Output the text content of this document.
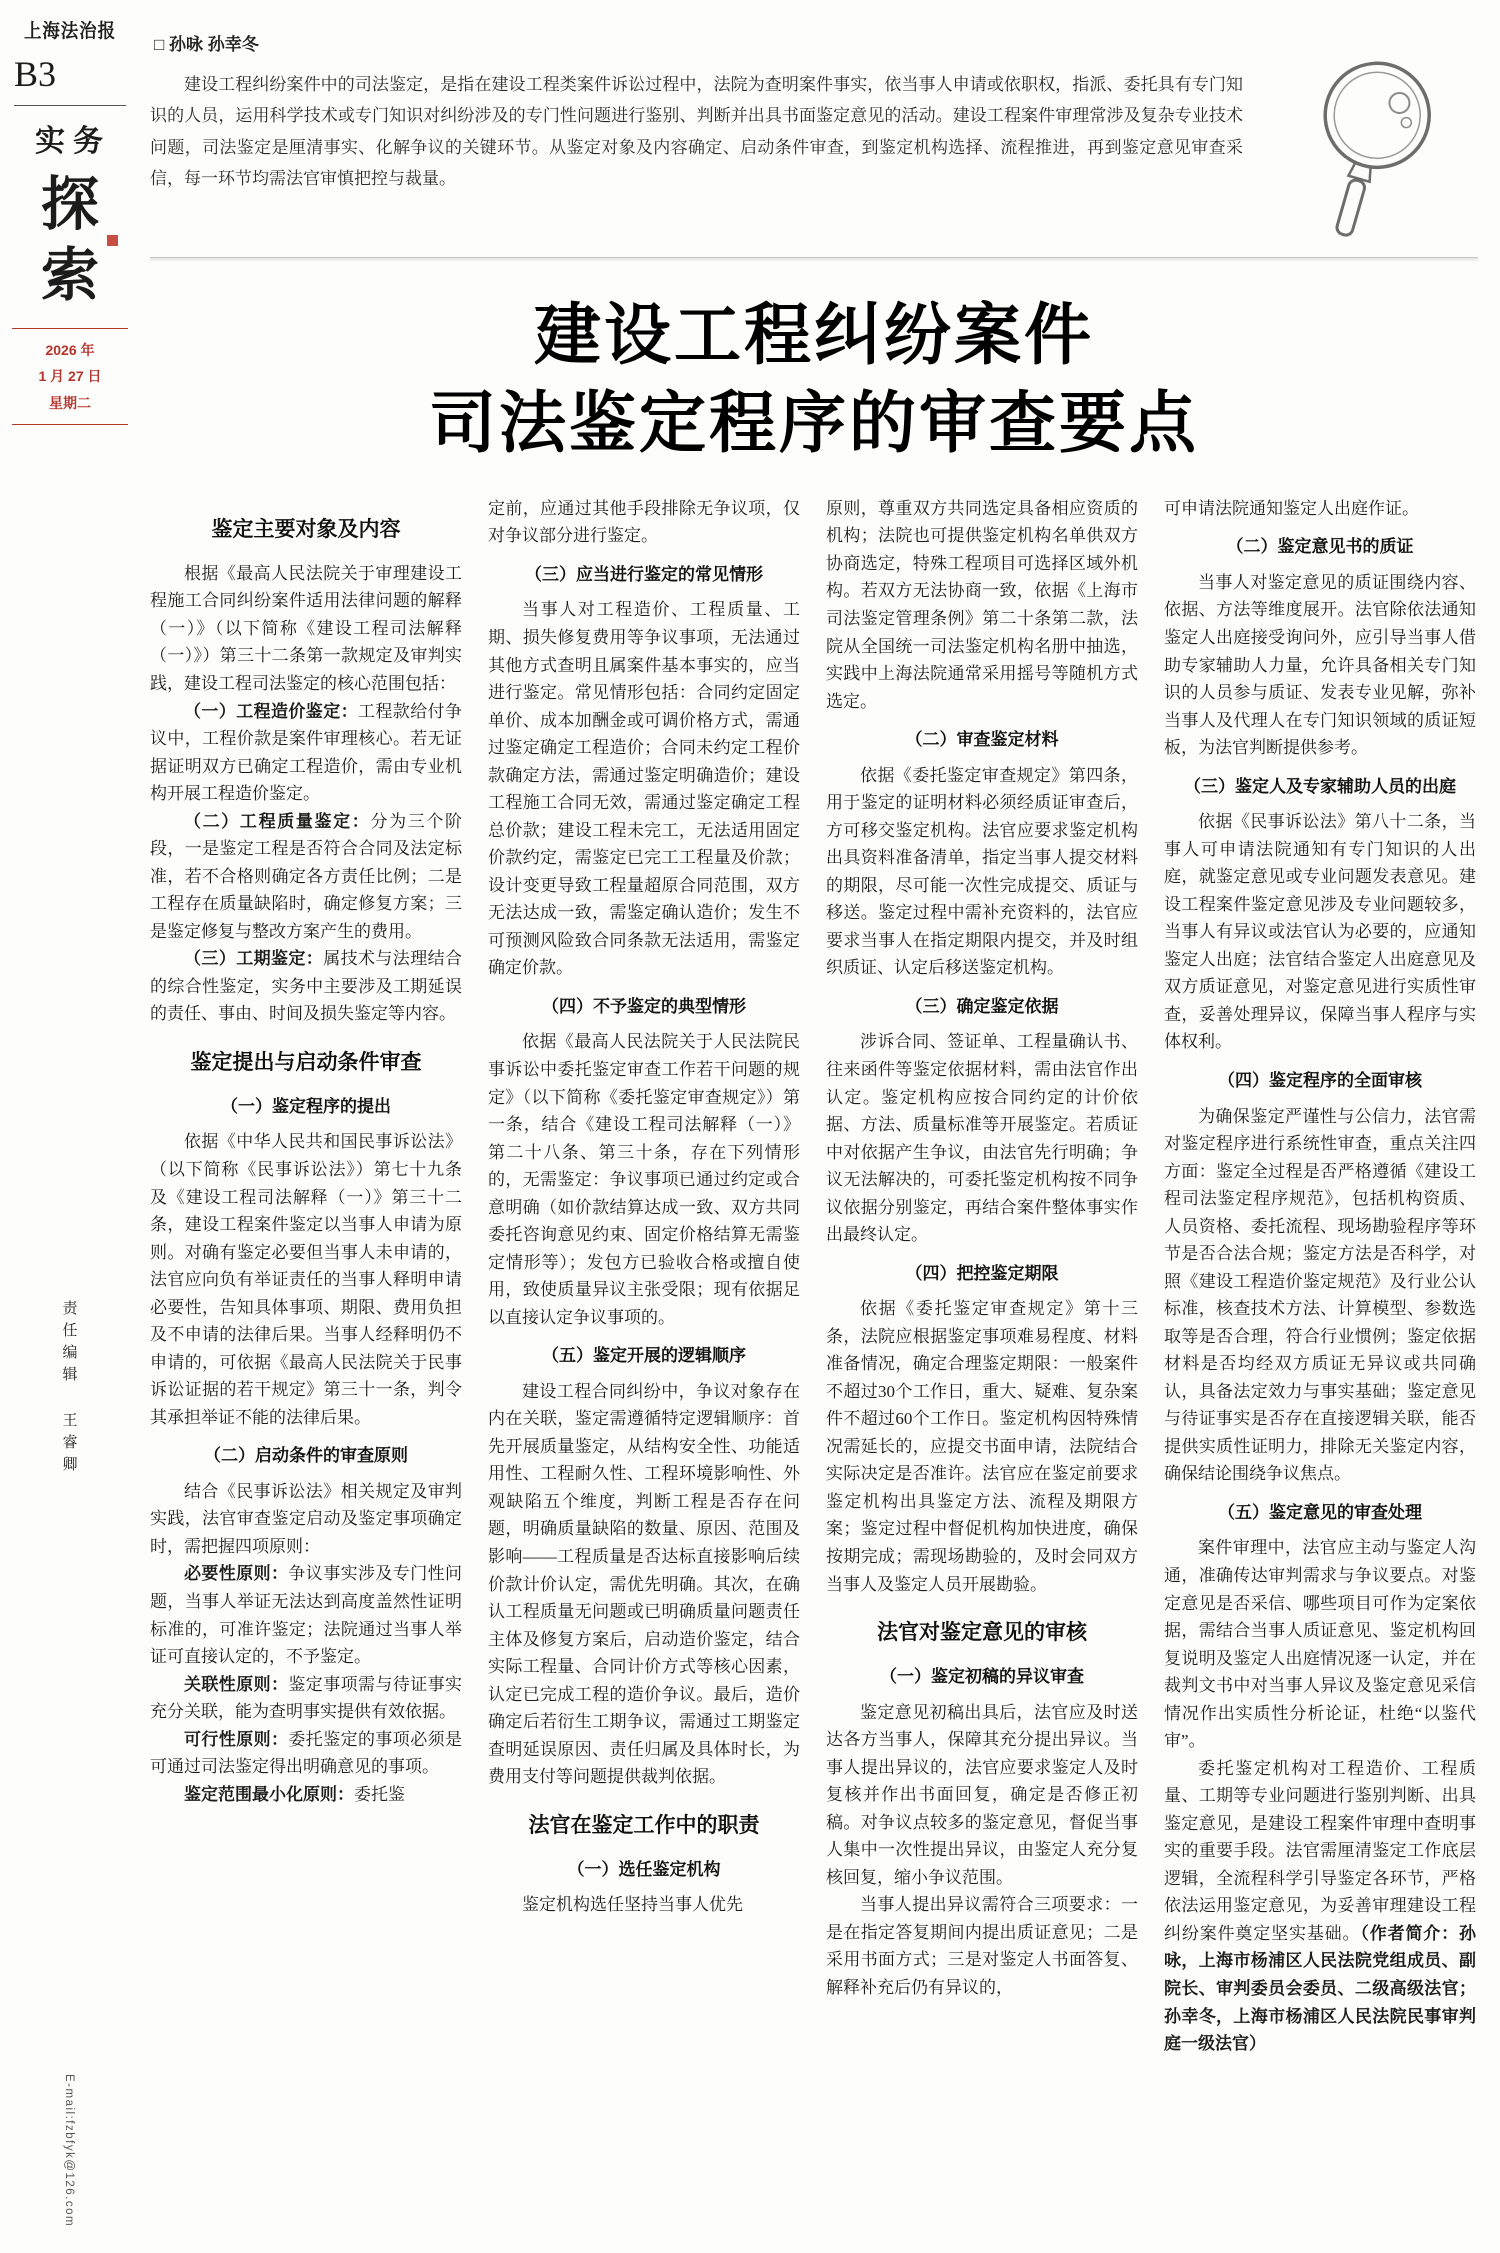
上海法治报
B3
实务
探
索
2026 年
1 月 27 日
星期二
责任编辑 王睿卿
E-mail:fzbfyk@126.com
□ 孙咏 孙幸冬

建设工程纠纷案件中的司法鉴定，是指在建设工程类案件诉讼过程中，法院为查明案件事实，依当事人申请或依职权，指派、委托具有专门知识的人员，运用科学技术或专门知识对纠纷涉及的专门性问题进行鉴别、判断并出具书面鉴定意见的活动。建设工程案件审理常涉及复杂专业技术问题，司法鉴定是厘清事实、化解争议的关键环节。从鉴定对象及内容确定、启动条件审查，到鉴定机构选择、流程推进，再到鉴定意见审查采信，每一环节均需法官审慎把控与裁量。

建设工程纠纷案件
司法鉴定程序的审查要点
鉴定主要对象及内容

根据《最高人民法院关于审理建设工程施工合同纠纷案件适用法律问题的解释（一）》（以下简称《建设工程司法解释（一）》）第三十二条第一款规定及审判实践，建设工程司法鉴定的核心范围包括：

（一）工程造价鉴定：工程款给付争议中，工程价款是案件审理核心。若无证据证明双方已确定工程造价，需由专业机构开展工程造价鉴定。

（二）工程质量鉴定：分为三个阶段，一是鉴定工程是否符合合同及法定标准，若不合格则确定各方责任比例；二是工程存在质量缺陷时，确定修复方案；三是鉴定修复与整改方案产生的费用。

（三）工期鉴定：属技术与法理结合的综合性鉴定，实务中主要涉及工期延误的责任、事由、时间及损失鉴定等内容。

鉴定提出与启动条件审查
（一）鉴定程序的提出

依据《中华人民共和国民事诉讼法》（以下简称《民事诉讼法》）第七十九条及《建设工程司法解释（一）》第三十二条，建设工程案件鉴定以当事人申请为原则。对确有鉴定必要但当事人未申请的，法官应向负有举证责任的当事人释明申请必要性，告知具体事项、期限、费用负担及不申请的法律后果。当事人经释明仍不申请的，可依据《最高人民法院关于民事诉讼证据的若干规定》第三十一条，判令其承担举证不能的法律后果。

（二）启动条件的审查原则

结合《民事诉讼法》相关规定及审判实践，法官审查鉴定启动及鉴定事项确定时，需把握四项原则：

必要性原则：争议事实涉及专门性问题，当事人举证无法达到高度盖然性证明标准的，可准许鉴定；法院通过当事人举证可直接认定的，不予鉴定。

关联性原则：鉴定事项需与待证事实充分关联，能为查明事实提供有效依据。

可行性原则：委托鉴定的事项必须是可通过司法鉴定得出明确意见的事项。

鉴定范围最小化原则：委托鉴

定前，应通过其他手段排除无争议项，仅对争议部分进行鉴定。

（三）应当进行鉴定的常见情形

当事人对工程造价、工程质量、工期、损失修复费用等争议事项，无法通过其他方式查明且属案件基本事实的，应当进行鉴定。常见情形包括：合同约定固定单价、成本加酬金或可调价格方式，需通过鉴定确定工程造价；合同未约定工程价款确定方法，需通过鉴定明确造价；建设工程施工合同无效，需通过鉴定确定工程总价款；建设工程未完工，无法适用固定价款约定，需鉴定已完工工程量及价款；设计变更导致工程量超原合同范围，双方无法达成一致，需鉴定确认造价；发生不可预测风险致合同条款无法适用，需鉴定确定价款。

（四）不予鉴定的典型情形

依据《最高人民法院关于人民法院民事诉讼中委托鉴定审查工作若干问题的规定》（以下简称《委托鉴定审查规定》）第一条，结合《建设工程司法解释（一）》第二十八条、第三十条，存在下列情形的，无需鉴定：争议事项已通过约定或合意明确（如价款结算达成一致、双方共同委托咨询意见约束、固定价格结算无需鉴定情形等）；发包方已验收合格或擅自使用，致使质量异议主张受限；现有依据足以直接认定争议事项的。

（五）鉴定开展的逻辑顺序

建设工程合同纠纷中，争议对象存在内在关联，鉴定需遵循特定逻辑顺序：首先开展质量鉴定，从结构安全性、功能适用性、工程耐久性、工程环境影响性、外观缺陷五个维度，判断工程是否存在问题，明确质量缺陷的数量、原因、范围及影响——工程质量是否达标直接影响后续价款计价认定，需优先明确。其次，在确认工程质量无问题或已明确质量问题责任主体及修复方案后，启动造价鉴定，结合实际工程量、合同计价方式等核心因素，认定已完成工程的造价争议。最后，造价确定后若衍生工期争议，需通过工期鉴定查明延误原因、责任归属及具体时长，为费用支付等问题提供裁判依据。

法官在鉴定工作中的职责
（一）选任鉴定机构

鉴定机构选任坚持当事人优先

原则，尊重双方共同选定具备相应资质的机构；法院也可提供鉴定机构名单供双方协商选定，特殊工程项目可选择区域外机构。若双方无法协商一致，依据《上海市司法鉴定管理条例》第二十条第二款，法院从全国统一司法鉴定机构名册中抽选，实践中上海法院通常采用摇号等随机方式选定。

（二）审查鉴定材料

依据《委托鉴定审查规定》第四条，用于鉴定的证明材料必须经质证审查后，方可移交鉴定机构。法官应要求鉴定机构出具资料准备清单，指定当事人提交材料的期限，尽可能一次性完成提交、质证与移送。鉴定过程中需补充资料的，法官应要求当事人在指定期限内提交，并及时组织质证、认定后移送鉴定机构。

（三）确定鉴定依据

涉诉合同、签证单、工程量确认书、往来函件等鉴定依据材料，需由法官作出认定。鉴定机构应按合同约定的计价依据、方法、质量标准等开展鉴定。若质证中对依据产生争议，由法官先行明确；争议无法解决的，可委托鉴定机构按不同争议依据分别鉴定，再结合案件整体事实作出最终认定。

（四）把控鉴定期限

依据《委托鉴定审查规定》第十三条，法院应根据鉴定事项难易程度、材料准备情况，确定合理鉴定期限：一般案件不超过30个工作日，重大、疑难、复杂案件不超过60个工作日。鉴定机构因特殊情况需延长的，应提交书面申请，法院结合实际决定是否准许。法官应在鉴定前要求鉴定机构出具鉴定方法、流程及期限方案；鉴定过程中督促机构加快进度，确保按期完成；需现场勘验的，及时会同双方当事人及鉴定人员开展勘验。

法官对鉴定意见的审核
（一）鉴定初稿的异议审查

鉴定意见初稿出具后，法官应及时送达各方当事人，保障其充分提出异议。当事人提出异议的，法官应要求鉴定人及时复核并作出书面回复，确定是否修正初稿。对争议点较多的鉴定意见，督促当事人集中一次性提出异议，由鉴定人充分复核回复，缩小争议范围。

当事人提出异议需符合三项要求：一是在指定答复期间内提出质证意见；二是采用书面方式；三是对鉴定人书面答复、解释补充后仍有异议的，

可申请法院通知鉴定人出庭作证。

（二）鉴定意见书的质证

当事人对鉴定意见的质证围绕内容、依据、方法等维度展开。法官除依法通知鉴定人出庭接受询问外，应引导当事人借助专家辅助人力量，允许具备相关专门知识的人员参与质证、发表专业见解，弥补当事人及代理人在专门知识领域的质证短板，为法官判断提供参考。

（三）鉴定人及专家辅助人员的出庭

依据《民事诉讼法》第八十二条，当事人可申请法院通知有专门知识的人出庭，就鉴定意见或专业问题发表意见。建设工程案件鉴定意见涉及专业问题较多，当事人有异议或法官认为必要的，应通知鉴定人出庭；法官结合鉴定人出庭意见及双方质证意见，对鉴定意见进行实质性审查，妥善处理异议，保障当事人程序与实体权利。

（四）鉴定程序的全面审核

为确保鉴定严谨性与公信力，法官需对鉴定程序进行系统性审查，重点关注四方面：鉴定全过程是否严格遵循《建设工程司法鉴定程序规范》，包括机构资质、人员资格、委托流程、现场勘验程序等环节是否合法合规；鉴定方法是否科学，对照《建设工程造价鉴定规范》及行业公认标准，核查技术方法、计算模型、参数选取等是否合理，符合行业惯例；鉴定依据材料是否均经双方质证无异议或共同确认，具备法定效力与事实基础；鉴定意见与待证事实是否存在直接逻辑关联，能否提供实质性证明力，排除无关鉴定内容，确保结论围绕争议焦点。

（五）鉴定意见的审查处理

案件审理中，法官应主动与鉴定人沟通，准确传达审判需求与争议要点。对鉴定意见是否采信、哪些项目可作为定案依据，需结合当事人质证意见、鉴定机构回复说明及鉴定人出庭情况逐一认定，并在裁判文书中对当事人异议及鉴定意见采信情况作出实质性分析论证，杜绝“以鉴代审”。

委托鉴定机构对工程造价、工程质量、工期等专业问题进行鉴别判断、出具鉴定意见，是建设工程案件审理中查明事实的重要手段。法官需厘清鉴定工作底层逻辑，全流程科学引导鉴定各环节，严格依法运用鉴定意见，为妥善审理建设工程纠纷案件奠定坚实基础。（作者简介：孙咏，上海市杨浦区人民法院党组成员、副院长、审判委员会委员、二级高级法官；孙幸冬，上海市杨浦区人民法院民事审判庭一级法官）
